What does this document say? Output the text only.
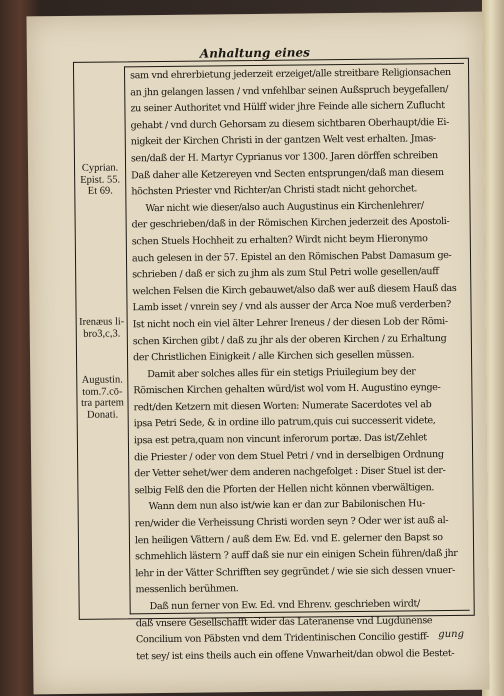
Anhaltung eines
Cyprian. Epist. 55. Et 69.
Irenæus li-bro3,c,3.
Augustin. tom.7.cō-tra partem Donati.
sam vnd ehrerbietung jederzeit erzeiget/alle streitbare Religionsachen
an jhn gelangen lassen / vnd vnfehlbar seinen Außspruch beygefallen/
zu seiner Authoritet vnd Hülff wider jhre Feinde alle sichern Zuflucht
gehabt / vnd durch Gehorsam zu diesem sichtbaren Oberhaupt/die Ei-
nigkeit der Kirchen Christi in der gantzen Welt vest erhalten. Jmas-
sen/daß der H. Martyr Cyprianus vor 1300. Jaren dörffen schreiben
Daß daher alle Ketzereyen vnd Secten entsprungen/daß man diesem
höchsten Priester vnd Richter/an Christi stadt nicht gehorchet.
War nicht wie dieser/also auch Augustinus ein Kirchenlehrer/
der geschrieben/daß in der Römischen Kirchen jederzeit des Apostoli-
schen Stuels Hochheit zu erhalten? Wirdt nicht beym Hieronymo
auch gelesen in der 57. Epistel an den Römischen Pabst Damasum ge-
schrieben / daß er sich zu jhm als zum Stul Petri wolle gesellen/auff
welchen Felsen die Kirch gebauwet/also daß wer auß diesem Hauß das
Lamb isset / vnrein sey / vnd als ausser der Arca Noe muß verderben?
Ist nicht noch ein viel älter Lehrer Ireneus / der diesen Lob der Römi-
schen Kirchen gibt / daß zu jhr als der oberen Kirchen / zu Erhaltung
der Christlichen Einigkeit / alle Kirchen sich gesellen müssen.
Damit aber solches alles für ein stetigs Priuilegium bey der
Römischen Kirchen gehalten würd/ist wol vom H. Augustino eynge-
redt/den Ketzern mit diesen Worten: Numerate Sacerdotes vel ab
ipsa Petri Sede, & in ordine illo patrum,quis cui successerit videte,
ipsa est petra,quam non vincunt inferorum portæ. Das ist/Zehlet
die Priester / oder von dem Stuel Petri / vnd in derselbigen Ordnung
der Vetter sehet/wer dem anderen nachgefolget : Diser Stuel ist der-
selbig Felß den die Pforten der Hellen nicht können vberwältigen.
Wann dem nun also ist/wie kan er dan zur Babilonischen Hu-
ren/wider die Verheissung Christi worden seyn ? Oder wer ist auß al-
len heiligen Vättern / auß dem Ew. Ed. vnd E. gelerner den Bapst so
schmehlich lästern ? auff daß sie nur ein einigen Schein führen/daß jhr
lehr in der Vätter Schrifften sey gegründet / wie sie sich dessen vnuer-
messenlich berühmen.
Daß nun ferner von Ew. Ed. vnd Ehrenv. geschrieben wirdt/
daß vnsere Gesellschafft wider das Lateranense vnd Lugdunense
Concilium von Päbsten vnd dem Tridentinischen Concilio gestiff-
tet sey/ ist eins theils auch ein offene Vnwarheit/dan obwol die Bestet-
gung
